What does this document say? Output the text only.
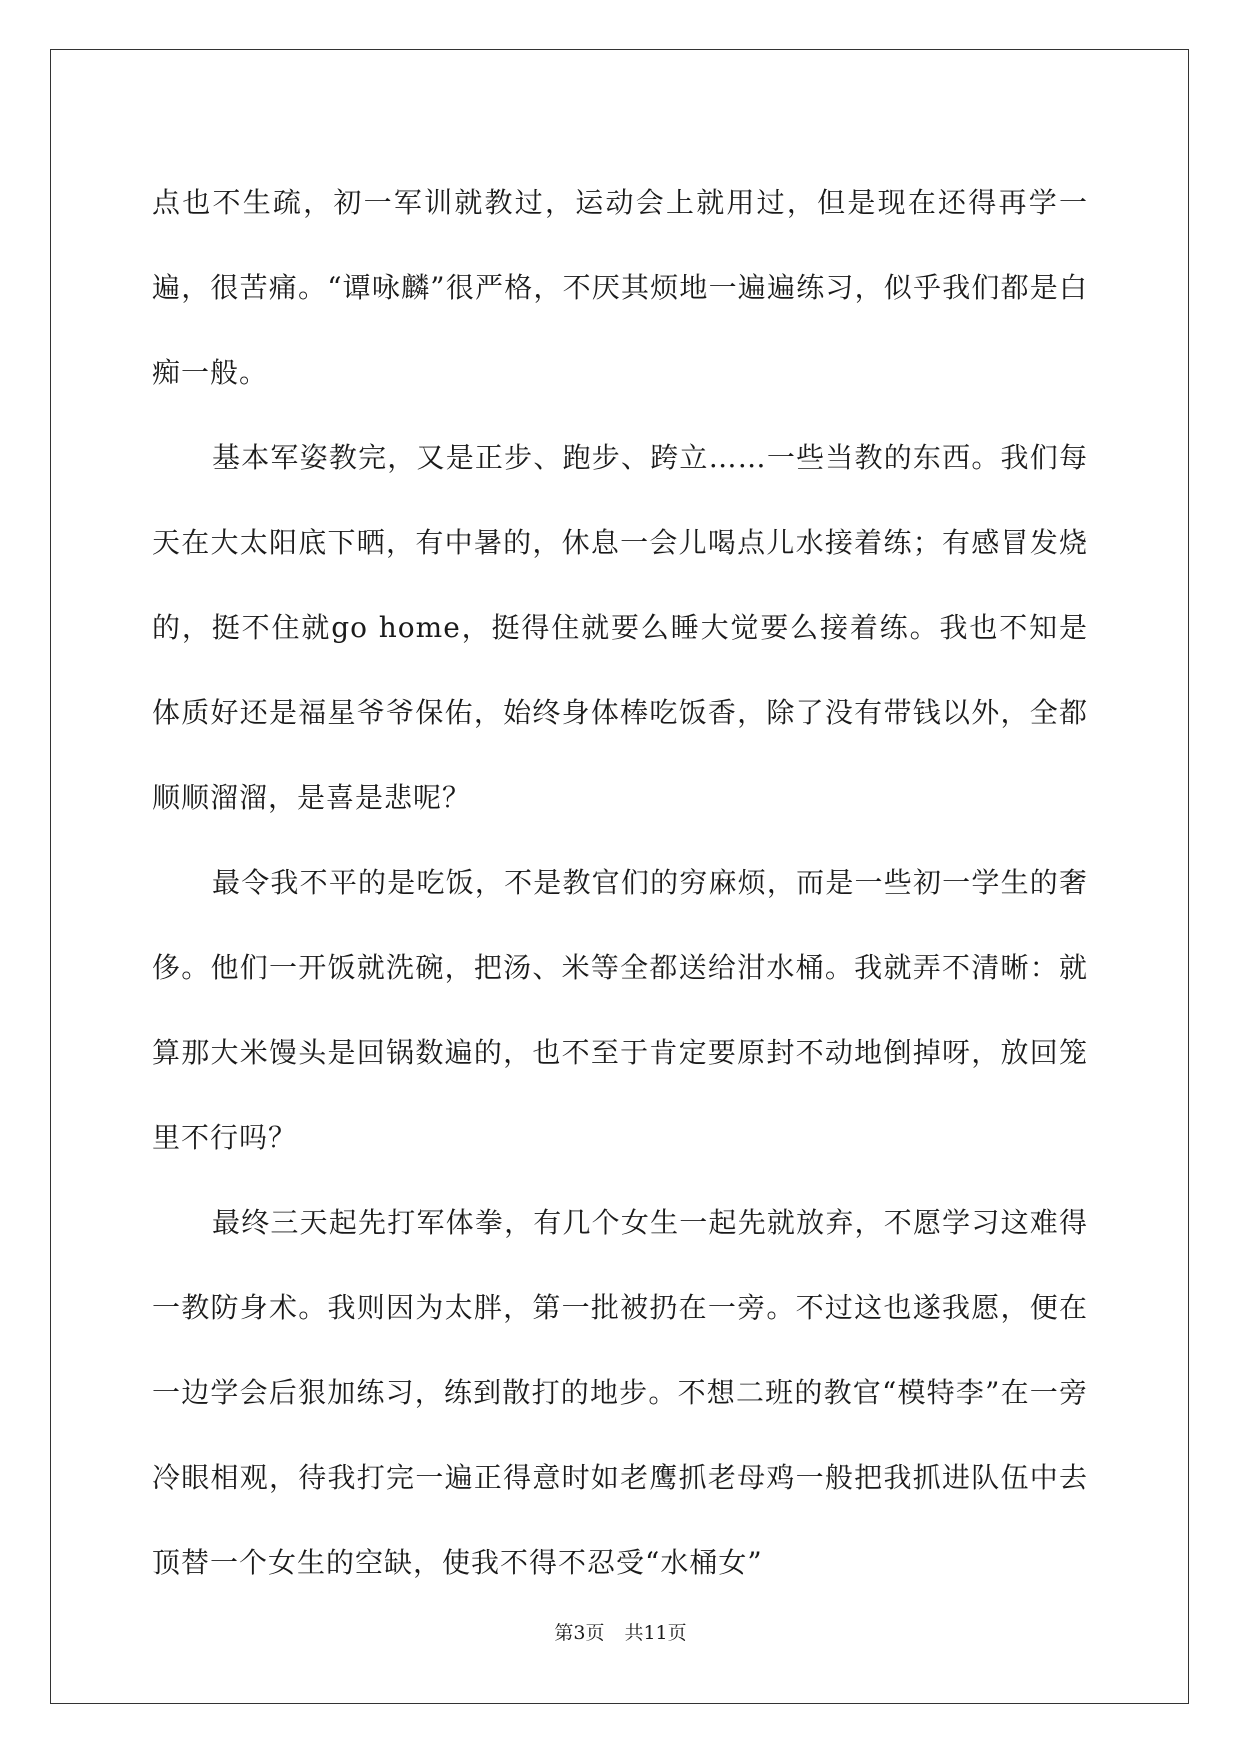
点也不生疏，初一军训就教过，运动会上就用过，但是现在还得再学一遍，很苦痛。“谭咏麟”很严格，不厌其烦地一遍遍练习，似乎我们都是白痴一般。

基本军姿教完，又是正步、跑步、跨立……一些当教的东西。我们每天在大太阳底下晒，有中暑的，休息一会儿喝点儿水接着练；有感冒发烧的，挺不住就go home，挺得住就要么睡大觉要么接着练。我也不知是体质好还是福星爷爷保佑，始终身体棒吃饭香，除了没有带钱以外，全都顺顺溜溜，是喜是悲呢？

最令我不平的是吃饭，不是教官们的穷麻烦，而是一些初一学生的奢侈。他们一开饭就洗碗，把汤、米等全都送给泔水桶。我就弄不清晰：就算那大米馒头是回锅数遍的，也不至于肯定要原封不动地倒掉呀，放回笼里不行吗？

最终三天起先打军体拳，有几个女生一起先就放弃，不愿学习这难得一教防身术。我则因为太胖，第一批被扔在一旁。不过这也遂我愿，便在一边学会后狠加练习，练到散打的地步。不想二班的教官“模特李”在一旁冷眼相观，待我打完一遍正得意时如老鹰抓老母鸡一般把我抓进队伍中去顶替一个女生的空缺，使我不得不忍受“水桶女”

第3页 共11页
